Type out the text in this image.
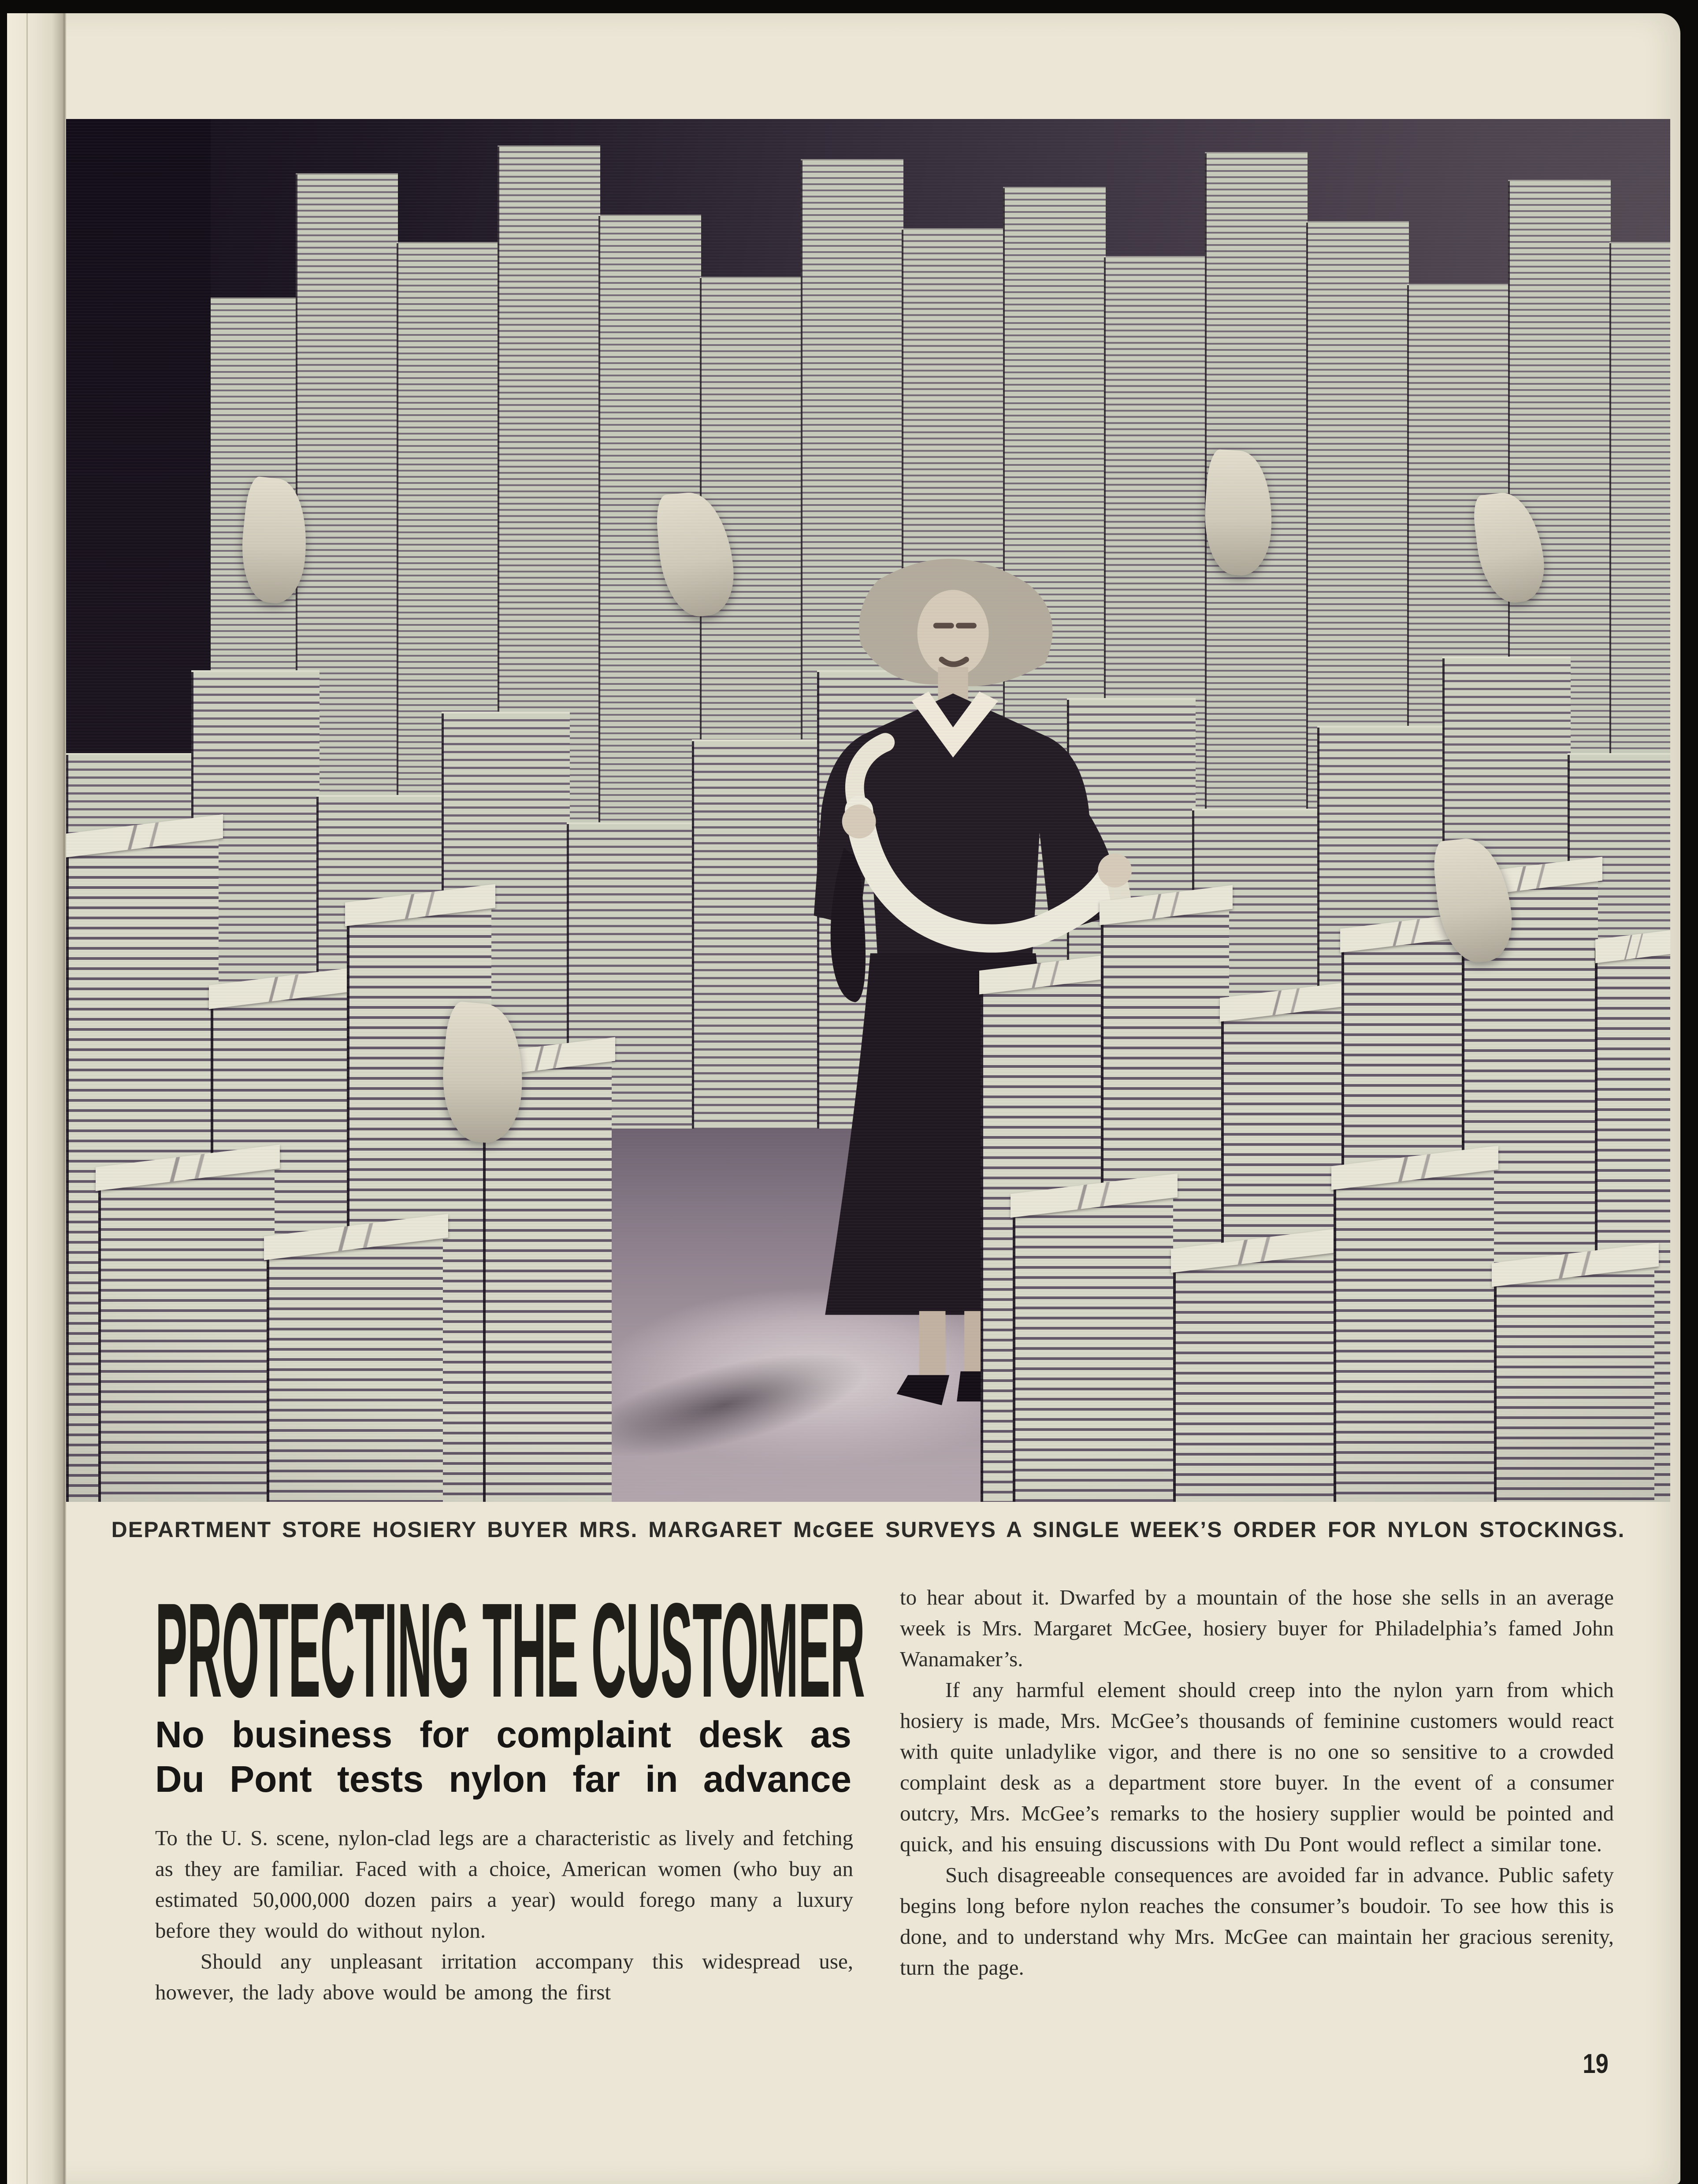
DEPARTMENT STORE HOSIERY BUYER MRS. MARGARET McGEE SURVEYS A SINGLE WEEK’S ORDER FOR NYLON STOCKINGS.
PROTECTING THE CUSTOMER
No business for complaint desk as
Du Pont tests nylon far in advance

To the U. S. scene, nylon-clad legs are a characteristic as lively and fetching as they are familiar. Faced with a choice, American women (who buy an estimated 50,000,000 dozen pairs a year) would forego many a luxury before they would do without nylon.

Should any unpleasant irritation accompany this widespread use, however, the lady above would be among the first

to hear about it. Dwarfed by a mountain of the hose she sells in an average week is Mrs. Margaret McGee, hosiery buyer for Philadelphia’s famed John Wanamaker’s.

If any harmful element should creep into the nylon yarn from which hosiery is made, Mrs. McGee’s thousands of feminine customers would react with quite unladylike vigor, and there is no one so sensitive to a crowded complaint desk as a department store buyer. In the event of a consumer outcry, Mrs. McGee’s remarks to the hosiery supplier would be pointed and quick, and his ensuing discussions with Du Pont would reflect a similar tone.

Such disagreeable consequences are avoided far in advance. Public safety begins long before nylon reaches the consumer’s boudoir. To see how this is done, and to understand why Mrs. McGee can maintain her gracious serenity, turn the page.

19
